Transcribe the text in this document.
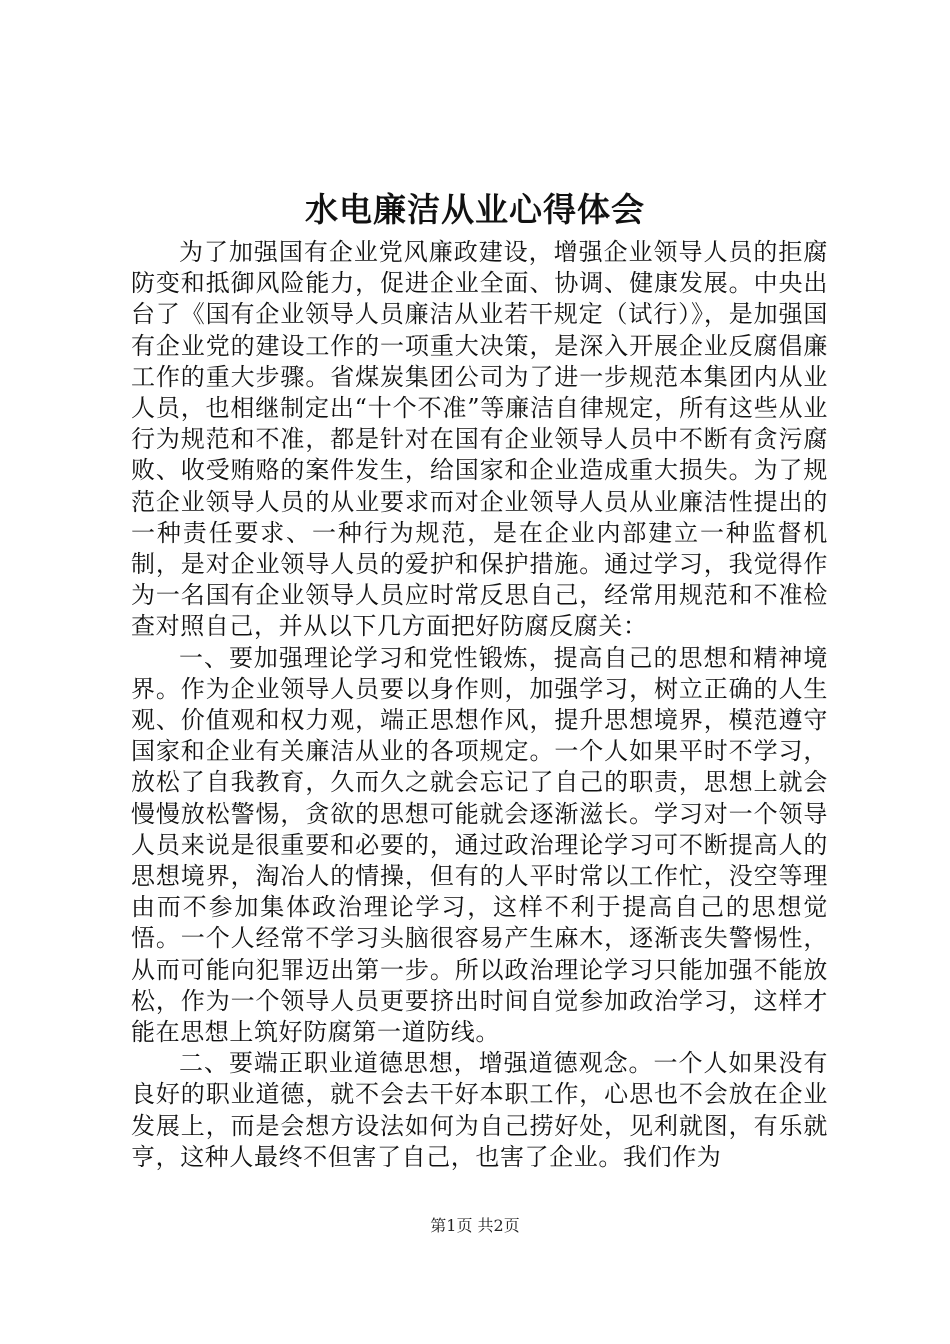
水电廉洁从业心得体会

为了加强国有企业党风廉政建设，增强企业领导人员的拒腐防变和抵御风险能力，促进企业全面、协调、健康发展。中央出台了《国有企业领导人员廉洁从业若干规定（试行）》，是加强国有企业党的建设工作的一项重大决策，是深入开展企业反腐倡廉工作的重大步骤。省煤炭集团公司为了进一步规范本集团内从业人员，也相继制定出“十个不准”等廉洁自律规定，所有这些从业行为规范和不准，都是针对在国有企业领导人员中不断有贪污腐败、收受贿赂的案件发生，给国家和企业造成重大损失。为了规范企业领导人员的从业要求而对企业领导人员从业廉洁性提出的一种责任要求、一种行为规范，是在企业内部建立一种监督机制，是对企业领导人员的爱护和保护措施。通过学习，我觉得作为一名国有企业领导人员应时常反思自己，经常用规范和不准检查对照自己，并从以下几方面把好防腐反腐关：

一、要加强理论学习和党性锻炼，提高自己的思想和精神境界。作为企业领导人员要以身作则，加强学习，树立正确的人生观、价值观和权力观，端正思想作风，提升思想境界，模范遵守国家和企业有关廉洁从业的各项规定。一个人如果平时不学习，放松了自我教育，久而久之就会忘记了自己的职责，思想上就会慢慢放松警惕，贪欲的思想可能就会逐渐滋长。学习对一个领导人员来说是很重要和必要的，通过政治理论学习可不断提高人的思想境界，淘冶人的情操，但有的人平时常以工作忙，没空等理由而不参加集体政治理论学习，这样不利于提高自己的思想觉悟。一个人经常不学习头脑很容易产生麻木，逐渐丧失警惕性，从而可能向犯罪迈出第一步。所以政治理论学习只能加强不能放松，作为一个领导人员更要挤出时间自觉参加政治学习，这样才能在思想上筑好防腐第一道防线。

二、要端正职业道德思想，增强道德观念。一个人如果没有良好的职业道德，就不会去干好本职工作，心思也不会放在企业发展上，而是会想方设法如何为自己捞好处，见利就图，有乐就亨，这种人最终不但害了自己，也害了企业。我们作为

第1页 共2页
